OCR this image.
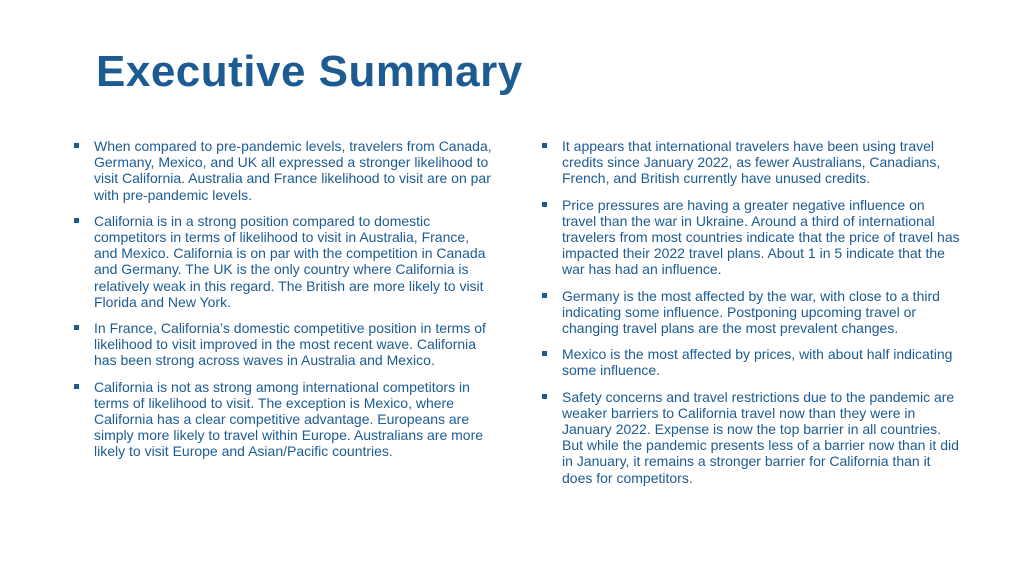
Executive Summary
When compared to pre-pandemic levels, travelers from Canada, Germany, Mexico, and UK all expressed a stronger likelihood to visit California. Australia and France likelihood to visit are on par with pre-pandemic levels.
California is in a strong position compared to domestic competitors in terms of likelihood to visit in Australia, France, and Mexico. California is on par with the competition in Canada and Germany. The UK is the only country where California is relatively weak in this regard. The British are more likely to visit Florida and New York.
In France, California’s domestic competitive position in terms of likelihood to visit improved in the most recent wave. California has been strong across waves in Australia and Mexico.
California is not as strong among international competitors in terms of likelihood to visit. The exception is Mexico, where California has a clear competitive advantage. Europeans are simply more likely to travel within Europe. Australians are more likely to visit Europe and Asian/Pacific countries.
It appears that international travelers have been using travel credits since January 2022, as fewer Australians, Canadians, French, and British currently have unused credits.
Price pressures are having a greater negative influence on travel than the war in Ukraine. Around a third of international travelers from most countries indicate that the price of travel has impacted their 2022 travel plans. About 1 in 5 indicate that the war has had an influence.
Germany is the most affected by the war, with close to a third indicating some influence. Postponing upcoming travel or changing travel plans are the most prevalent changes.
Mexico is the most affected by prices, with about half indicating some influence.
Safety concerns and travel restrictions due to the pandemic are weaker barriers to California travel now than they were in January 2022. Expense is now the top barrier in all countries. But while the pandemic presents less of a barrier now than it did in January, it remains a stronger barrier for California than it does for competitors.
